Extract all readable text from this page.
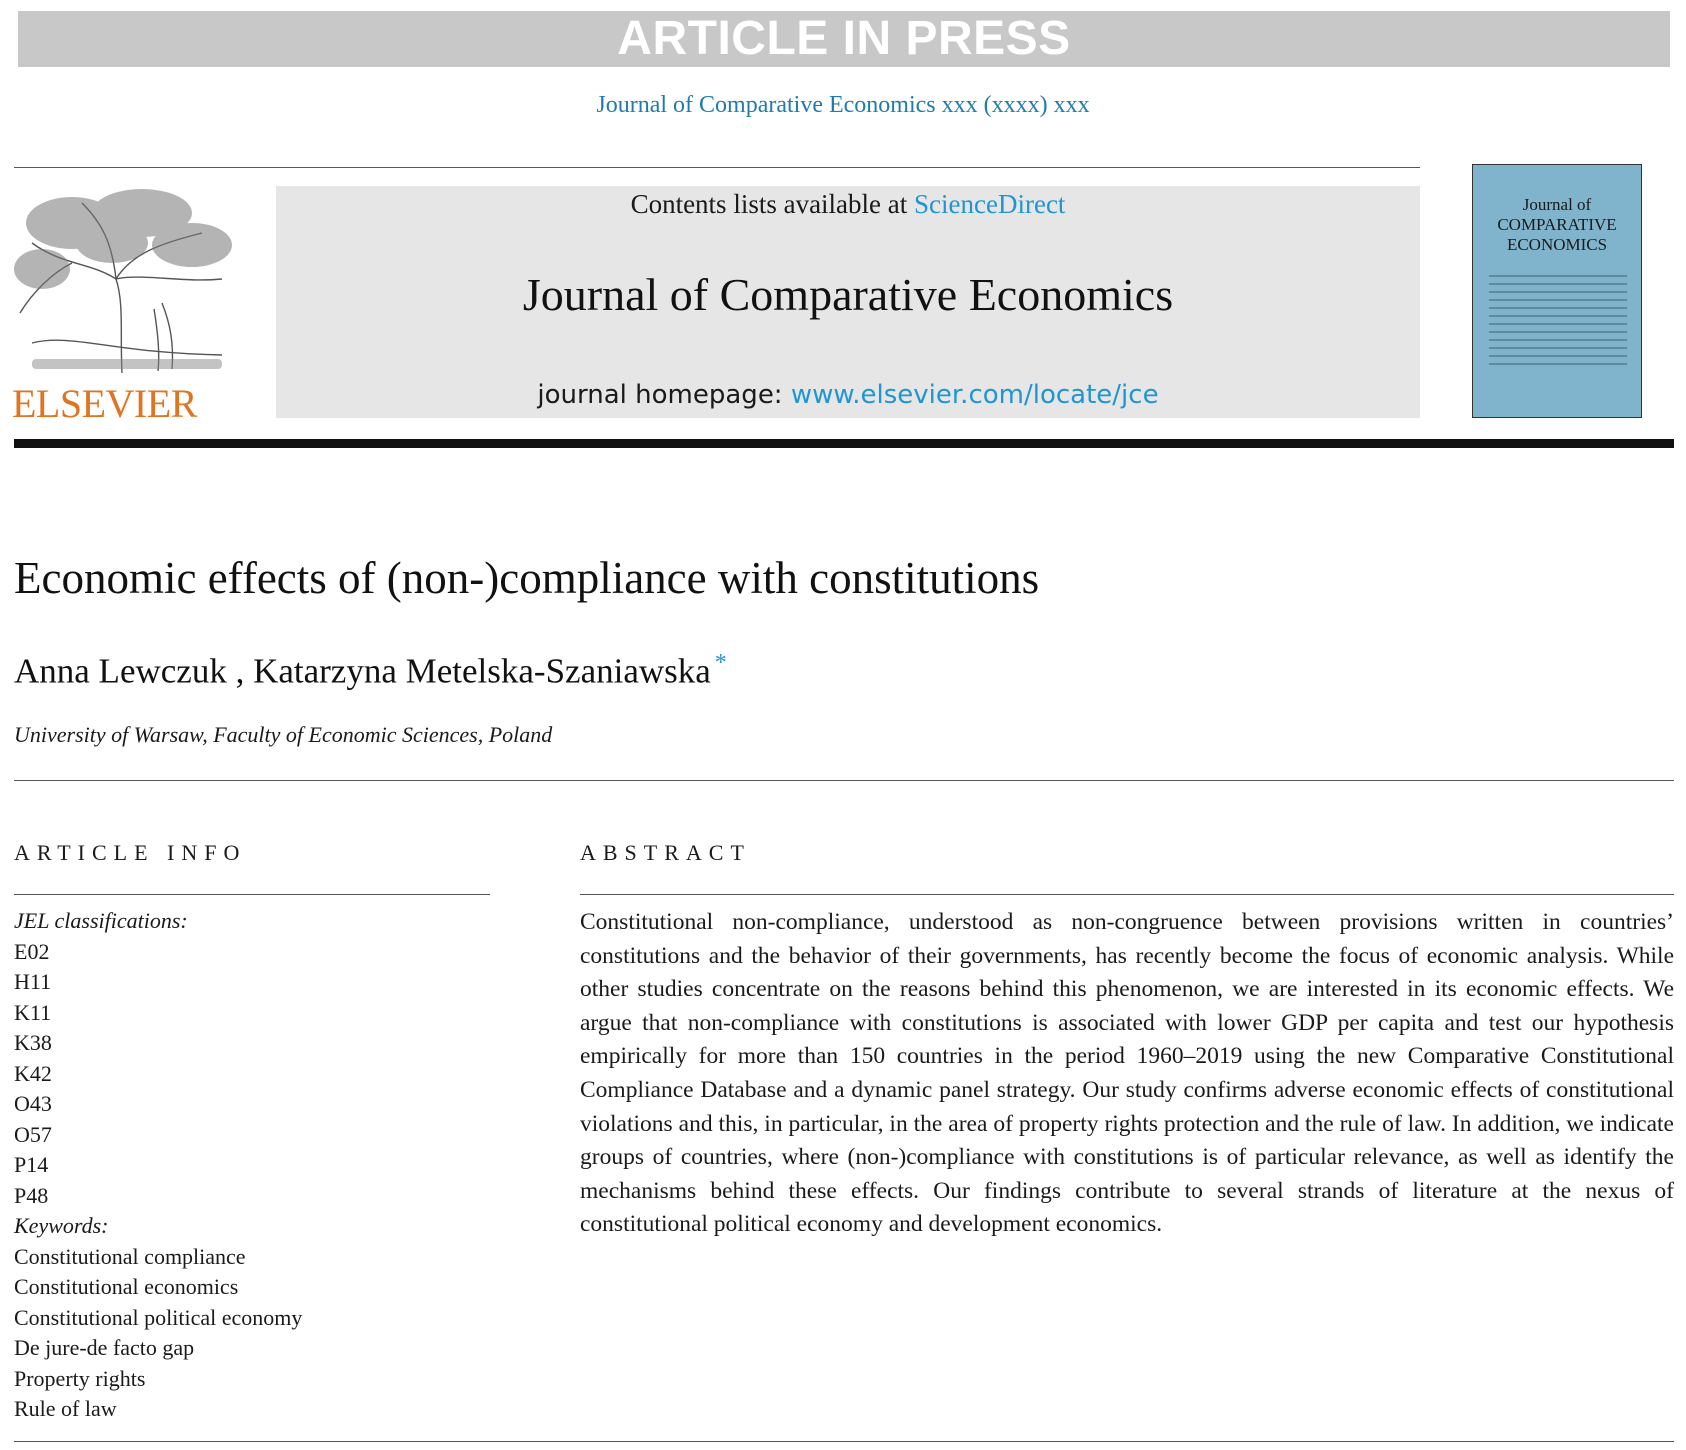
ARTICLE IN PRESS
Journal of Comparative Economics xxx (xxxx) xxx
ELSEVIER
Contents lists available at ScienceDirect
Journal of Comparative Economics
journal homepage: www.elsevier.com/locate/jce
Journal of
COMPARATIVE
ECONOMICS
Economic effects of (non-)compliance with constitutions
Anna Lewczuk , Katarzyna Metelska-Szaniawska *
University of Warsaw, Faculty of Economic Sciences, Poland
ARTICLE INFO	ABSTRACT
JEL classifications:
E02
H11
K11
K38
K42
O43
O57
P14
P48
Keywords:
Constitutional compliance
Constitutional economics
Constitutional political economy
De jure-de facto gap
Property rights
Rule of law
Constitutional non-compliance, understood as non-congruence between provisions written in countries’ constitutions and the behavior of their governments, has recently become the focus of economic analysis. While other studies concentrate on the reasons behind this phenomenon, we are interested in its economic effects. We argue that non-compliance with constitutions is associated with lower GDP per capita and test our hypothesis empirically for more than 150 countries in the period 1960–2019 using the new Comparative Constitutional Compliance Database and a dynamic panel strategy. Our study confirms adverse economic effects of constitutional violations and this, in particular, in the area of property rights protection and the rule of law. In addition, we indicate groups of countries, where (non-)compliance with constitutions is of particular relevance, as well as identify the mechanisms behind these effects. Our findings contribute to several strands of literature at the nexus of constitutional political economy and development economics.
